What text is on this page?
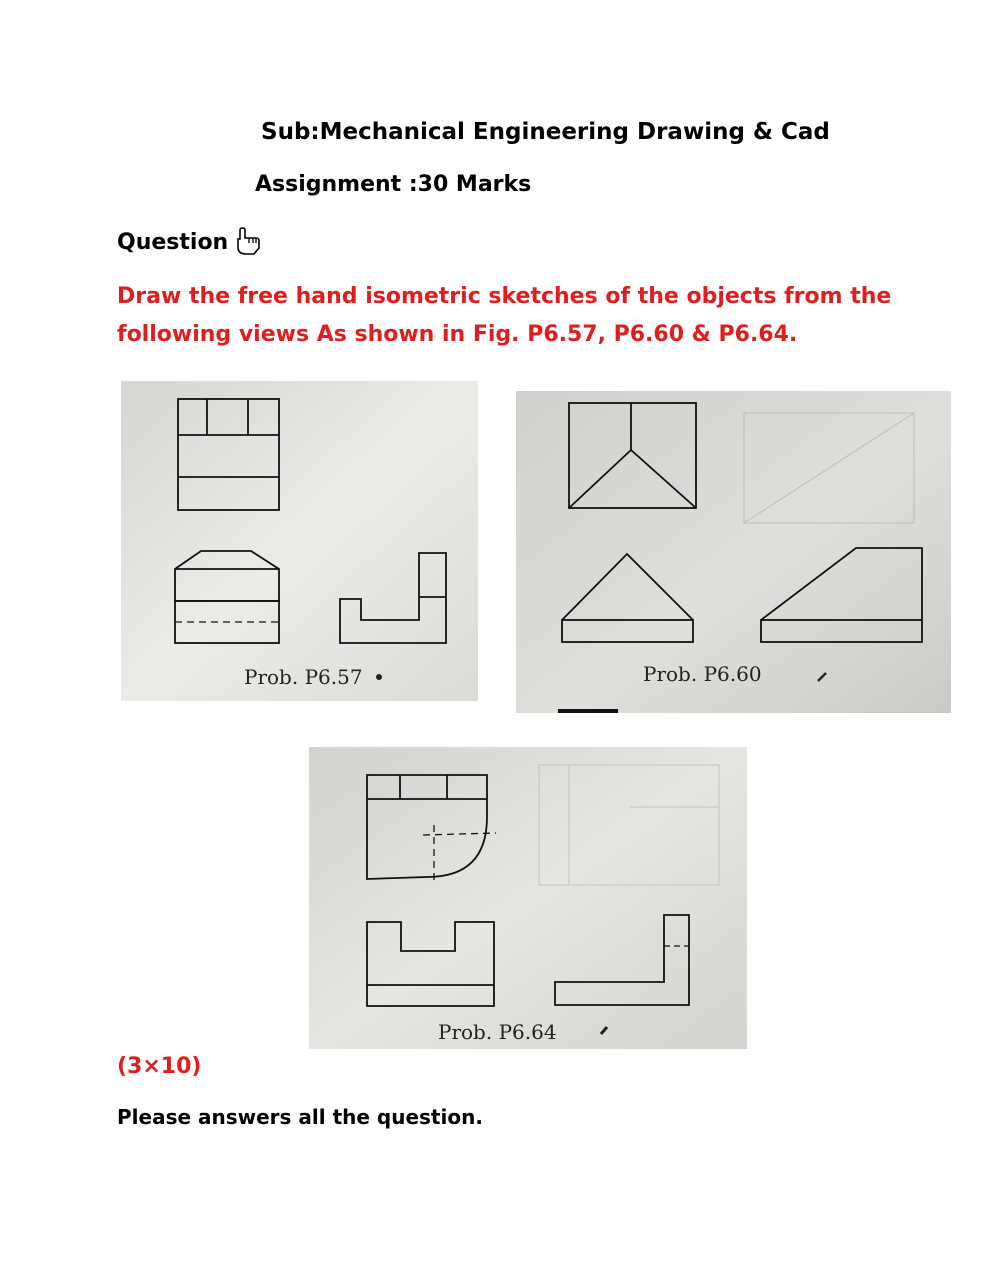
Sub:Mechanical Engineering Drawing & Cad
Assignment :30 Marks
Question
Draw the free hand isometric sketches of the objects from the following views As shown in Fig. P6.57, P6.60 & P6.64.
Prob. P6.57	Prob. P6.60
Prob. P6.64
(3×10)
Please answers all the question.
